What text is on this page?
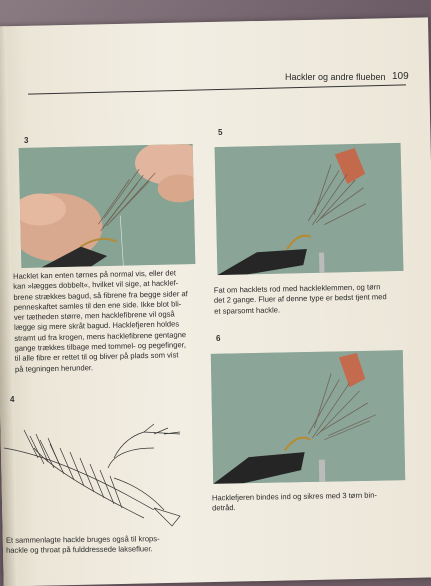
Hackler og andre flueben 109
3
Hacklet kan enten tørnes på normal vis, eller det
kan »lægges dobbelt«, hvilket vil sige, at hacklef-
brene strækkes bagud, så fibrene fra begge sider af
penneskaftet samles til den ene side. Ikke blot bli-
ver tætheden større, men hacklefibrene vil også
lægge sig mere skråt bagud. Hacklefjeren holdes
stramt ud fra krogen, mens hacklefibrene gentagne
gange trækkes tilbage med tommel- og pegefinger,
til alle fibre er rettet til og bliver på plads som vist
på tegningen herunder.
4
Et sammenlagte hackle bruges også til krops-
hackle og throat på fulddressede laksefluer.
5
Fat om hacklets rod med hackleklemmen, og tørn
det 2 gange. Fluer af denne type er bedst tjent med
et sparsomt hackle.
6
Hacklefjeren bindes ind og sikres med 3 tørn bin-
detråd.
